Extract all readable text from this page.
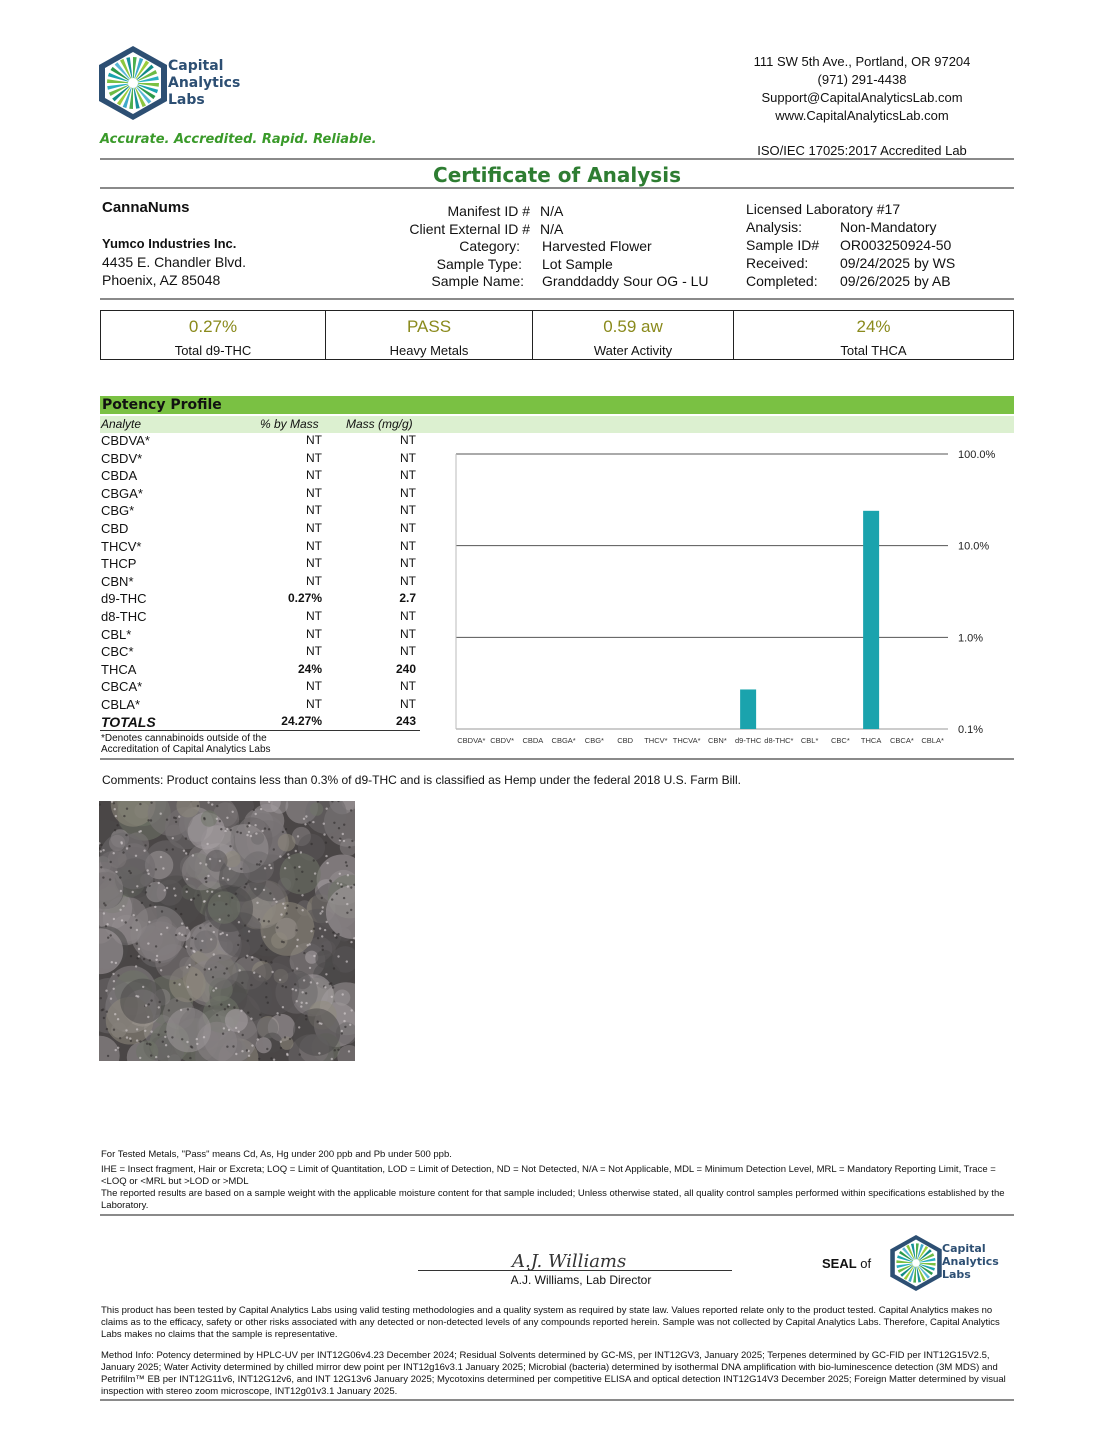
Capital
Analytics
Labs
Accurate. Accredited. Rapid. Reliable.
111 SW 5th Ave., Portland, OR 97204
(971) 291-4438
Support@CapitalAnalyticsLab.com
www.CapitalAnalyticsLab.com
ISO/IEC 17025:2017 Accredited Lab
Certificate of Analysis
CannaNums
Yumco Industries Inc.
4435 E. Chandler Blvd.
Phoenix, AZ 85048
Manifest ID # N/A
Client External ID # N/A
Category: Harvested Flower
Sample Type: Lot Sample
Sample Name: Granddaddy Sour OG - LU
Licensed Laboratory #17
Analysis:	Non-Mandatory
Sample ID# OR003250924-50
Received: 09/24/2025 by WS
Completed: 09/26/2025 by AB
0.27%
Total d9-THC
PASS
Heavy Metals
0.59 aw
Water Activity
24%
Total THCA
Potency Profile
Analyte	% by Mass Mass (mg/g)
CBDVA*	NT	NT
CBDV*	NT	NT
CBDA	NT	NT
CBGA*	NT	NT
CBG*	NT	NT
CBD	NT	NT
THCV*	NT	NT
THCP	NT	NT
CBN*	NT	NT
d9-THC	0.27%	2.7
d8-THC	NT	NT
CBL*	NT	NT
CBC*	NT	NT
THCA	24%	240
CBCA*	NT	NT
CBLA*	NT	NT
TOTALS	24.27%	243
*Denotes cannabinoids outside of the
Accreditation of Capital Analytics Labs
100.0%
10.0%
1.0%
0.1%
CBDVA* CBDV* CBDA CBGA* CBG* CBD THCV* THCVA* CBN* d9-THC d8-THC* CBL* CBC* THCA CBCA* CBLA*
Comments: Product contains less than 0.3% of d9-THC and is classified as Hemp under the federal 2018 U.S. Farm Bill.
For Tested Metals, "Pass" means Cd, As, Hg under 200 ppb and Pb under 500 ppb.
IHE = Insect fragment, Hair or Excreta; LOQ = Limit of Quantitation, LOD = Limit of Detection, ND = Not Detected, N/A = Not Applicable, MDL = Minimum Detection Level, MRL = Mandatory Reporting Limit, Trace = <LOQ or <MRL but >LOD or >MDL
The reported results are based on a sample weight with the applicable moisture content for that sample included; Unless otherwise stated, all quality control samples performed within specifications established by the Laboratory.
A.J. Williams
A.J. Williams, Lab Director
SEAL of
Capital
Analytics
Labs
This product has been tested by Capital Analytics Labs using valid testing methodologies and a quality system as required by state law. Values reported relate only to the product tested. Capital Analytics makes no claims as to the efficacy, safety or other risks associated with any detected or non-detected levels of any compounds reported herein. Sample was not collected by Capital Analytics Labs. Therefore, Capital Analytics Labs makes no claims that the sample is representative.
Method Info: Potency determined by HPLC-UV per INT12G06v4.23 December 2024; Residual Solvents determined by GC-MS, per INT12GV3, January 2025; Terpenes determined by GC-FID per INT12G15V2.5, January 2025; Water Activity determined by chilled mirror dew point per INT12g16v3.1 January 2025; Microbial (bacteria) determined by isothermal DNA amplification with bio-luminescence detection (3M MDS) and Petrifilm™ EB per INT12G11v6, INT12G12v6, and INT 12G13v6 January 2025; Mycotoxins determined per competitive ELISA and optical detection INT12G14V3 December 2025; Foreign Matter determined by visual inspection with stereo zoom microscope, INT12g01v3.1 January 2025.
